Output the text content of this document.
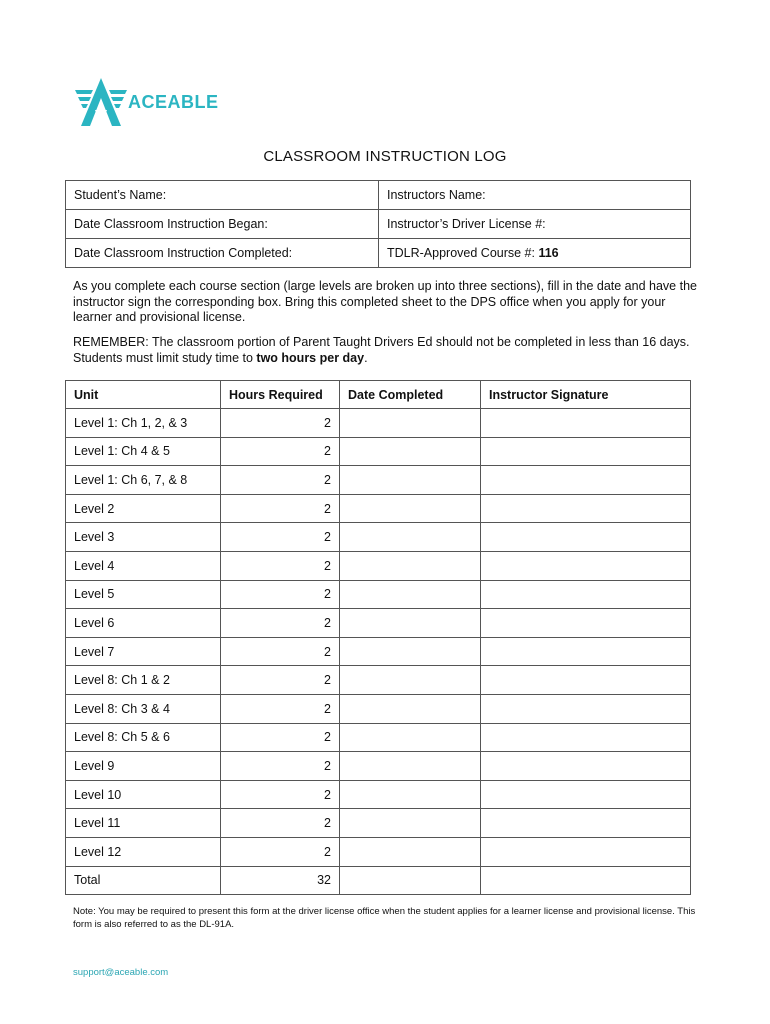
ACEABLE
CLASSROOM INSTRUCTION LOG
Student’s Name:	Instructors Name:
Date Classroom Instruction Began:	Instructor’s Driver License #:
Date Classroom Instruction Completed:	TDLR-Approved Course #: 116
As you complete each course section (large levels are broken up into three sections), fill in the date and have the instructor sign the corresponding box. Bring this completed sheet to the DPS office when you apply for your learner and provisional license.
REMEMBER: The classroom portion of Parent Taught Drivers Ed should not be completed in less than 16 days. Students must limit study time to two hours per day.
Unit	Hours Required	Date Completed	Instructor Signature
Level 1: Ch 1, 2, & 3	2		
Level 1: Ch 4 & 5	2		
Level 1: Ch 6, 7, & 8	2		
Level 2	2		
Level 3	2		
Level 4	2		
Level 5	2		
Level 6	2		
Level 7	2		
Level 8: Ch 1 & 2	2		
Level 8: Ch 3 & 4	2		
Level 8: Ch 5 & 6	2		
Level 9	2		
Level 10	2		
Level 11	2		
Level 12	2		
Total	32		
Note: You may be required to present this form at the driver license office when the student applies for a learner license and provisional license. This form is also referred to as the DL-91A.
support@aceable.com
